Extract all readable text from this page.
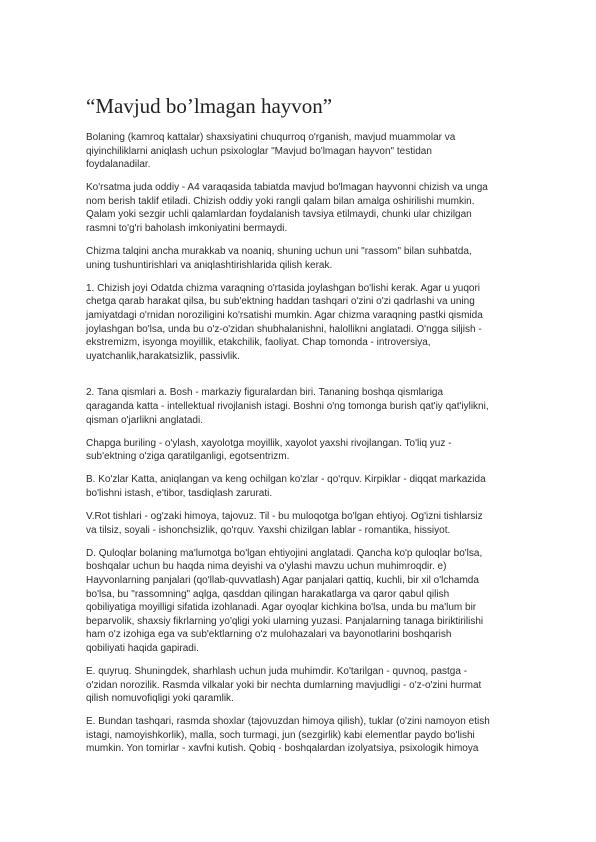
“Mavjud bo’lmagan hayvon”
Bolaning (kamroq kattalar) shaxsiyatini chuqurroq o'rganish, mavjud muammolar va
qiyinchiliklarni aniqlash uchun psixologlar "Mavjud bo'lmagan hayvon" testidan
foydalanadilar.
Ko'rsatma juda oddiy - A4 varaqasida tabiatda mavjud bo'lmagan hayvonni chizish va unga
nom berish taklif etiladi. Chizish oddiy yoki rangli qalam bilan amalga oshirilishi mumkin.
Qalam yoki sezgir uchli qalamlardan foydalanish tavsiya etilmaydi, chunki ular chizilgan
rasmni to'g'ri baholash imkoniyatini bermaydi.
Chizma talqini ancha murakkab va noaniq, shuning uchun uni "rassom" bilan suhbatda,
uning tushuntirishlari va aniqlashtirishlarida qilish kerak.
1. Chizish joyi Odatda chizma varaqning o'rtasida joylashgan bo'lishi kerak. Agar u yuqori
chetga qarab harakat qilsa, bu sub'ektning haddan tashqari o'zini o'zi qadrlashi va uning
jamiyatdagi o'rnidan noroziligini ko'rsatishi mumkin. Agar chizma varaqning pastki qismida
joylashgan bo'lsa, unda bu o'z-o'zidan shubhalanishni, halollikni anglatadi. O'ngga siljish -
ekstremizm, isyonga moyillik, etakchilik, faoliyat. Chap tomonda - introversiya,
uyatchanlik,harakatsizlik, passivlik.
2. Tana qismlari a. Bosh - markaziy figuralardan biri. Tananing boshqa qismlariga
qaraganda katta - intellektual rivojlanish istagi. Boshni o'ng tomonga burish qat'iy qat'iylikni,
qisman o'jarlikni anglatadi.
Chapga buriling - o'ylash, xayolotga moyillik, xayolot yaxshi rivojlangan. To'liq yuz -
sub'ektning o'ziga qaratilganligi, egotsentrizm.
B. Ko'zlar Katta, aniqlangan va keng ochilgan ko'zlar - qo'rquv. Kirpiklar - diqqat markazida
bo'lishni istash, e'tibor, tasdiqlash zarurati.
V.Rot tishlari - og'zaki himoya, tajovuz. Til - bu muloqotga bo'lgan ehtiyoj. Og'izni tishlarsiz
va tilsiz, soyali - ishonchsizlik, qo'rquv. Yaxshi chizilgan lablar - romantika, hissiyot.
D. Quloqlar bolaning ma'lumotga bo'lgan ehtiyojini anglatadi. Qancha ko'p quloqlar bo'lsa,
boshqalar uchun bu haqda nima deyishi va o'ylashi mavzu uchun muhimroqdir. e)
Hayvonlarning panjalari (qo'llab-quvvatlash) Agar panjalari qattiq, kuchli, bir xil o'lchamda
bo'lsa, bu "rassomning" aqlga, qasddan qilingan harakatlarga va qaror qabul qilish
qobiliyatiga moyilligi sifatida izohlanadi. Agar oyoqlar kichkina bo'lsa, unda bu ma'lum bir
beparvolik, shaxsiy fikrlarning yo'qligi yoki ularning yuzasi. Panjalarning tanaga biriktirilishi
ham o'z izohiga ega va sub'ektlarning o'z mulohazalari va bayonotlarini boshqarish
qobiliyati haqida gapiradi.
E. quyruq. Shuningdek, sharhlash uchun juda muhimdir. Ko'tarilgan - quvnoq, pastga -
o'zidan norozilik. Rasmda vilkalar yoki bir nechta dumlarning mavjudligi - o'z-o'zini hurmat
qilish nomuvofiqligi yoki qaramlik.
E. Bundan tashqari, rasmda shoxlar (tajovuzdan himoya qilish), tuklar (o'zini namoyon etish
istagi, namoyishkorlik), malla, soch turmagi, jun (sezgirlik) kabi elementlar paydo bo'lishi
mumkin. Yon tomirlar - xavfni kutish. Qobiq - boshqalardan izolyatsiya, psixologik himoya
